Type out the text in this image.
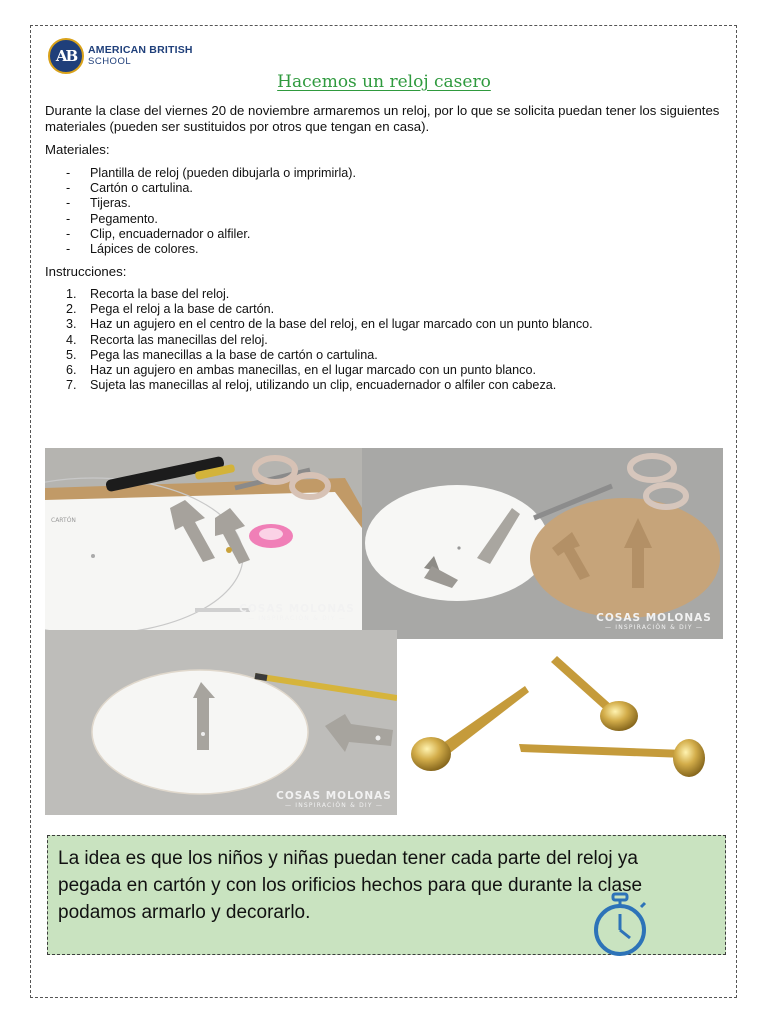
AB	AMERICAN BRITISH
SCHOOL
Hacemos un reloj casero
Durante la clase del viernes 20 de noviembre armaremos un reloj, por lo que se solicita puedan tener los siguientes materiales (pueden ser sustituidos por otros que tengan en casa).
Materiales:
-	Plantilla de reloj (pueden dibujarla o imprimirla).
-	Cartón o cartulina.
-	Tijeras.
-	Pegamento.
-	Clip, encuadernador o alfiler.
-	Lápices de colores.
Instrucciones:
1.	Recorta la base del reloj.
2.	Pega el reloj a la base de cartón.
3.	Haz un agujero en el centro de la base del reloj, en el lugar marcado con un punto blanco.
4.	Recorta las manecillas del reloj.
5.	Pega las manecillas a la base de cartón o cartulina.
6.	Haz un agujero en ambas manecillas, en el lugar marcado con un punto blanco.
7.	Sujeta las manecillas al reloj, utilizando un clip, encuadernador o alfiler con cabeza.
CARTÓN
COSAS MOLONAS
— INSPIRACIÓN & DIY —	COSAS MOLONAS
— INSPIRACIÓN & DIY —
COSAS MOLONAS
— INSPIRACIÓN & DIY —
La idea es que los niños y niñas puedan tener cada parte del reloj ya pegada en cartón y con los orificios hechos para que durante la clase podamos armarlo y decorarlo.
